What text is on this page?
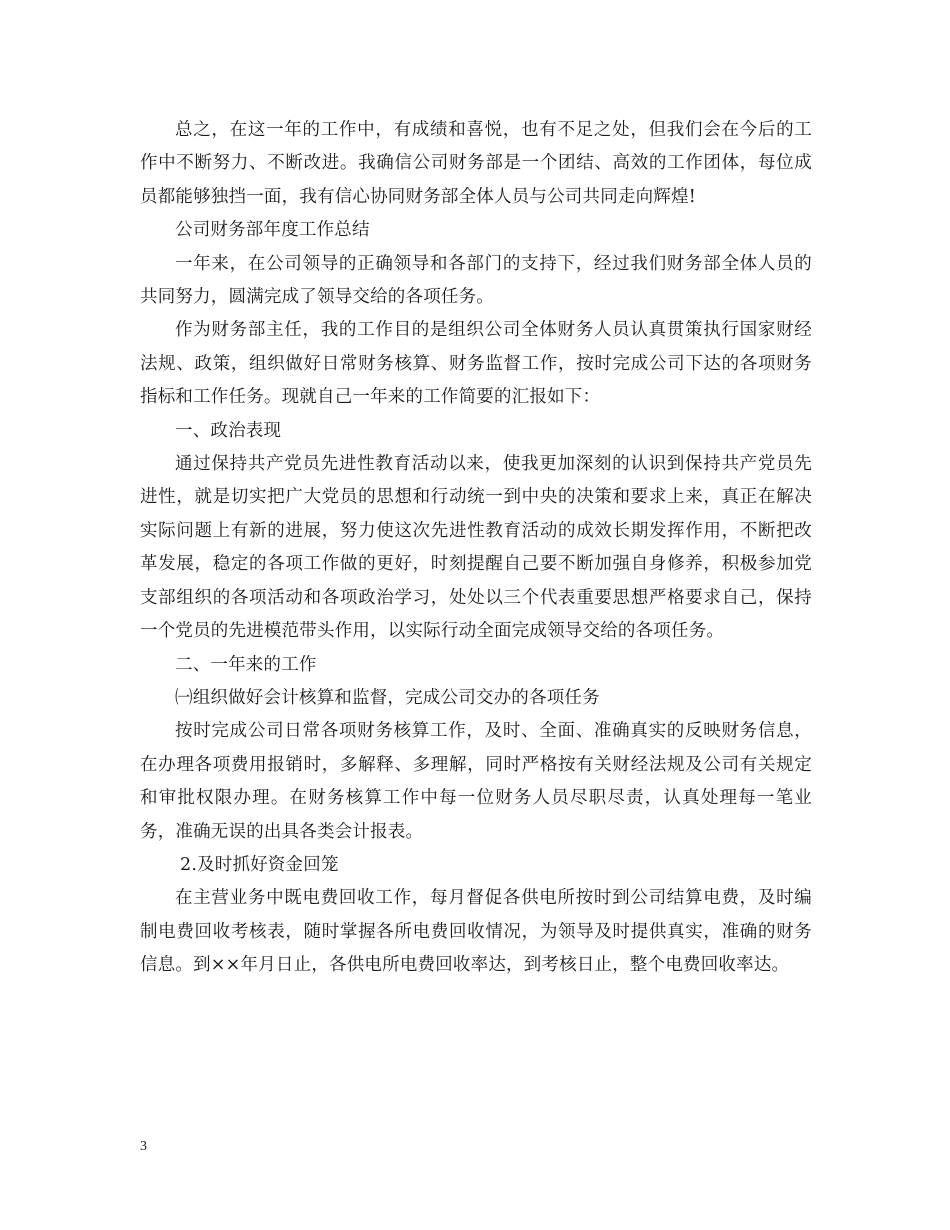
总之，在这一年的工作中，有成绩和喜悦，也有不足之处，但我们会在今后的工作中不断努力、不断改进。我确信公司财务部是一个团结、高效的工作团体，每位成员都能够独挡一面，我有信心协同财务部全体人员与公司共同走向辉煌!

公司财务部年度工作总结

一年来，在公司领导的正确领导和各部门的支持下，经过我们财务部全体人员的共同努力，圆满完成了领导交给的各项任务。

作为财务部主任，我的工作目的是组织公司全体财务人员认真贯策执行国家财经法规、政策，组织做好日常财务核算、财务监督工作，按时完成公司下达的各项财务指标和工作任务。现就自己一年来的工作简要的汇报如下：

一、政治表现

通过保持共产党员先进性教育活动以来，使我更加深刻的认识到保持共产党员先进性，就是切实把广大党员的思想和行动统一到中央的决策和要求上来，真正在解决实际问题上有新的进展，努力使这次先进性教育活动的成效长期发挥作用，不断把改革发展，稳定的各项工作做的更好，时刻提醒自己要不断加强自身修养，积极参加党支部组织的各项活动和各项政治学习，处处以三个代表重要思想严格要求自己，保持一个党员的先进模范带头作用，以实际行动全面完成领导交给的各项任务。

二、一年来的工作

㈠组织做好会计核算和监督，完成公司交办的各项任务

按时完成公司日常各项财务核算工作，及时、全面、准确真实的反映财务信息，在办理各项费用报销时，多解释、多理解，同时严格按有关财经法规及公司有关规定和审批权限办理。在财务核算工作中每一位财务人员尽职尽责，认真处理每一笔业务，准确无误的出具各类会计报表。

2.及时抓好资金回笼

在主营业务中既电费回收工作，每月督促各供电所按时到公司结算电费，及时编制电费回收考核表，随时掌握各所电费回收情况，为领导及时提供真实，准确的财务信息。到××年月日止，各供电所电费回收率达，到考核日止，整个电费回收率达。

3
